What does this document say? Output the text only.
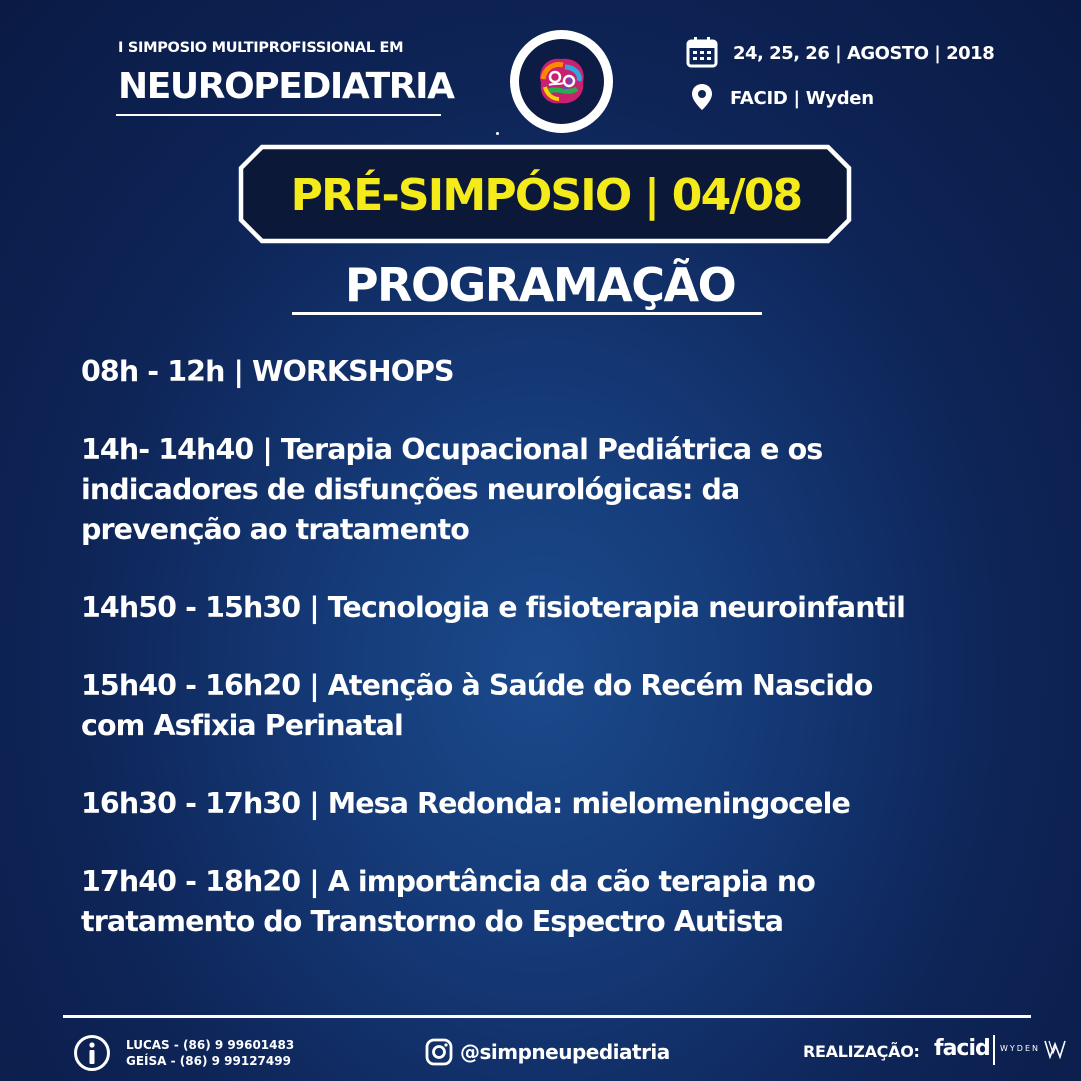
I SIMPOSIO MULTIPROFISSIONAL EM
NEUROPEDIATRIA
24, 25, 26 | AGOSTO | 2018
FACID | Wyden
PRÉ-SIMPÓSIO | 04/08
PROGRAMAÇÃO
08h - 12h | WORKSHOPS
14h- 14h40 | Terapia Ocupacional Pediátrica e os
indicadores de disfunções neurológicas: da
prevenção ao tratamento
14h50 - 15h30 | Tecnologia e fisioterapia neuroinfantil
15h40 - 16h20 | Atenção à Saúde do Recém Nascido
com Asfixia Perinatal
16h30 - 17h30 | Mesa Redonda: mielomeningocele
17h40 - 18h20 | A importância da cão terapia no
tratamento do Transtorno do Espectro Autista
LUCAS - (86) 9 99601483
GEÍSA - (86) 9 99127499	@simpneupediatria	REALIZAÇÃO: facid WYDEN
